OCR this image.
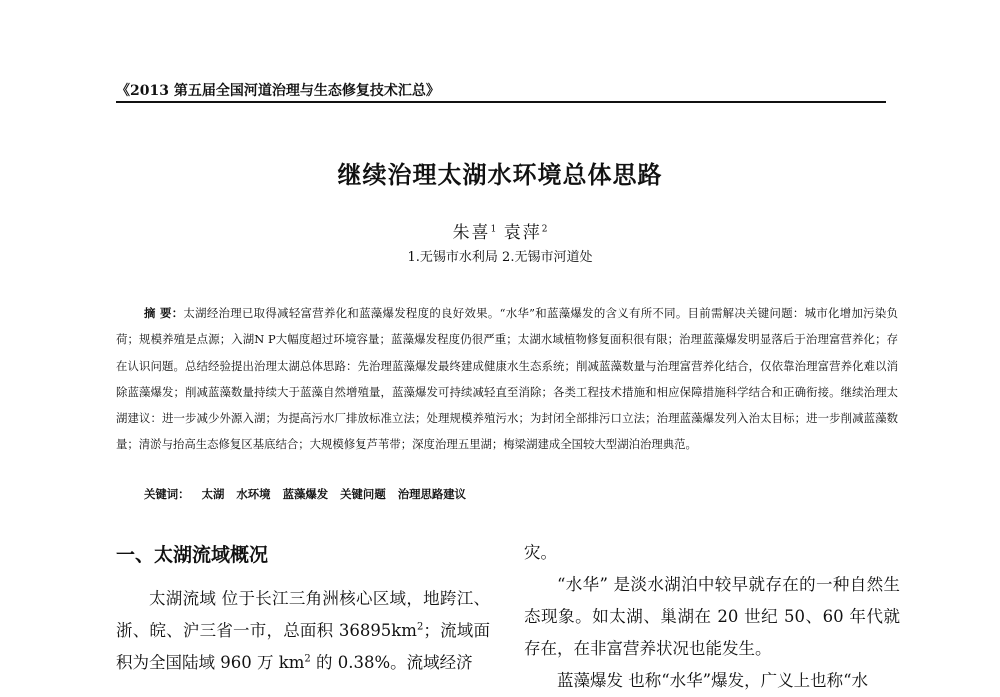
《2013 第五届全国河道治理与生态修复技术汇总》
继续治理太湖水环境总体思路
朱喜$^1$ 袁萍$^2$
1.无锡市水利局 2.无锡市河道处

摘 要：太湖经治理已取得减轻富营养化和蓝藻爆发程度的良好效果。“水华”和蓝藻爆发的含义有所不同。目前需解决关键问题：城市化增加污染负荷；规模养殖是点源；入湖N P大幅度超过环境容量；蓝藻爆发程度仍很严重；太湖水域植物修复面积很有限；治理蓝藻爆发明显落后于治理富营养化；存在认识问题。总结经验提出治理太湖总体思路：先治理蓝藻爆发最终建成健康水生态系统；削减蓝藻数量与治理富营养化结合，仅依靠治理富营养化难以消除蓝藻爆发；削减蓝藻数量持续大于蓝藻自然增殖量，蓝藻爆发可持续减轻直至消除；各类工程技术措施和相应保障措施科学结合和正确衔接。继续治理太湖建议：进一步减少外源入湖；为提高污水厂排放标准立法；处理规模养殖污水；为封闭全部排污口立法；治理蓝藻爆发列入治太目标；进一步削减蓝藻数量；清淤与抬高生态修复区基底结合；大规模修复芦苇带；深度治理五里湖；梅梁湖建成全国较大型湖泊治理典范。

关键词： 太湖 水环境 蓝藻爆发 关键问题 治理思路建议
一、太湖流域概况

太湖流域 位于长江三角洲核心区域，地跨江、浙、皖、沪三省一市，总面积 $36895km^2$；流域面积为全国陆域 960 万 $km^2$ 的 0.38%。流域经济

灾。

“水华” 是淡水湖泊中较早就存在的一种自然生态现象。如太湖、巢湖在 20 世纪 50、60 年代就存在，在非富营养状况也能发生。

蓝藻爆发 也称“水华”爆发，广义上也称“水
